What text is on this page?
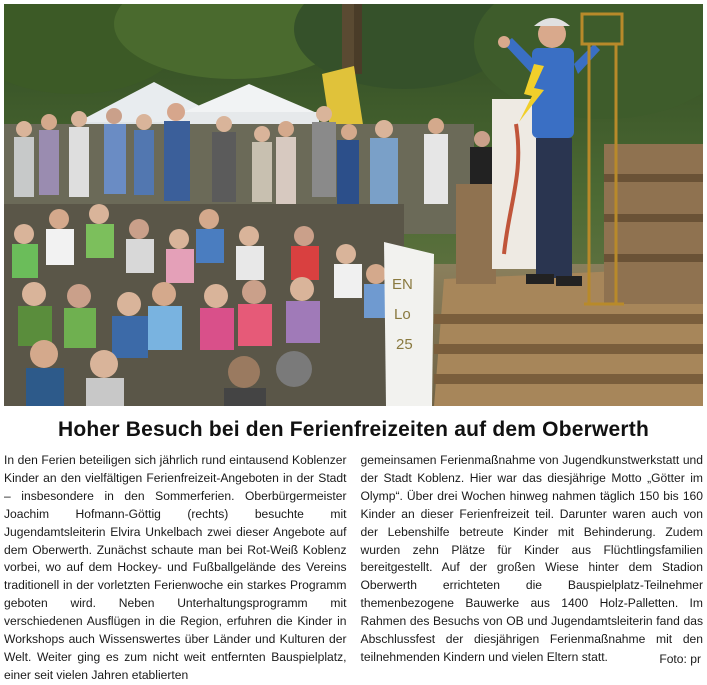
EN
Lo
25
Hoher Besuch bei den Ferienfreizeiten auf dem Oberwerth
In den Ferien beteiligen sich jährlich rund eintausend Koblenzer Kinder an den vielfältigen Ferienfreizeit-Angeboten in der Stadt – insbesondere in den Sommerferien. Oberbürgermeister Joachim Hofmann-Göttig (rechts) besuchte mit Jugendamtsleiterin Elvira Unkelbach zwei dieser Angebote auf dem Oberwerth. Zunächst schaute man bei Rot-Weiß Koblenz vorbei, wo auf dem Hockey- und Fußballgelände des Vereins traditionell in der vorletzten Ferienwoche ein starkes Programm geboten wird. Neben Unterhaltungsprogramm mit verschiedenen Ausflügen in die Region, erfuhren die Kinder in Workshops auch Wissenswertes über Länder und Kulturen der Welt. Weiter ging es zum nicht weit entfernten Bauspielplatz, einer seit vielen Jahren etablierten
gemeinsamen Ferienmaßnahme von Jugendkunstwerkstatt und der Stadt Koblenz. Hier war das diesjährige Motto „Götter im Olymp“. Über drei Wochen hinweg nahmen täglich 150 bis 160 Kinder an dieser Ferienfreizeit teil. Darunter waren auch von der Lebenshilfe betreute Kinder mit Behinderung. Zudem wurden zehn Plätze für Kinder aus Flüchtlingsfamilien bereitgestellt. Auf der großen Wiese hinter dem Stadion Oberwerth errichteten die Bauspielplatz-Teilnehmer themenbezogene Bauwerke aus 1400 Holz-Palletten. Im Rahmen des Besuchs von OB und Jugendamtsleiterin fand das Abschlussfest der diesjährigen Ferienmaßnahme mit den teilnehmenden Kindern und vielen Eltern statt.	Foto: pr
